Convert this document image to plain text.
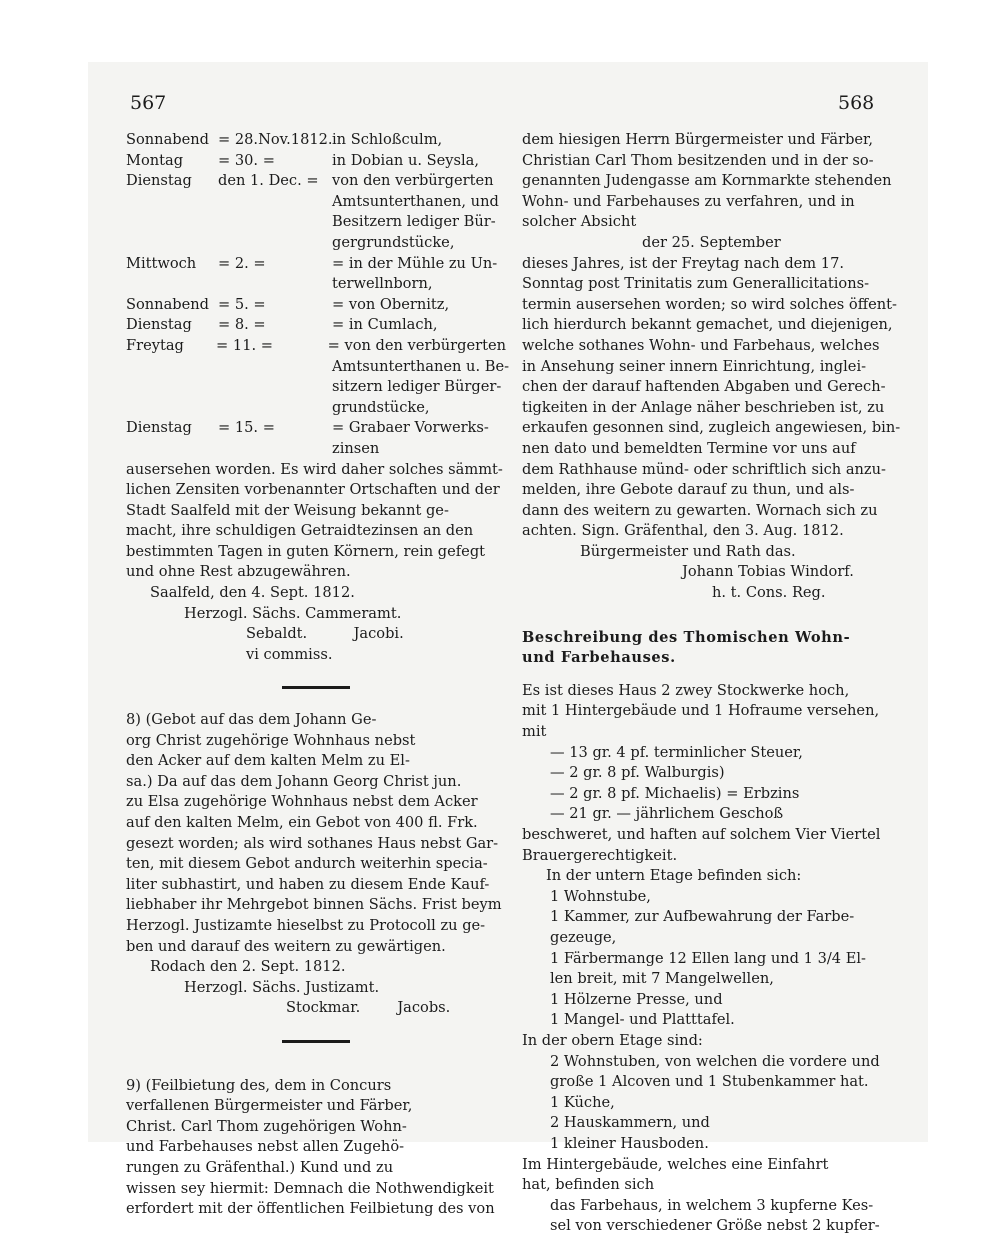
567	568
Sonnabend = 28.Nov.1812. in Schloßculm,
Montag	= 30. =	in Dobian u. Seysla,
Dienstag	den 1. Dec. = von den verbürgerten
Amtsunterthanen, und
Besitzern lediger Bür-
gergrundstücke,
Mittwoch	= 2. =	= in der Mühle zu Un-
terwellnborn,
Sonnabend = 5. =	= von Obernitz,
Dienstag	= 8. =	= in Cumlach,
Freytag	= 11. =	= von den verbürgerten
Amtsunterthanen u. Be-
sitzern lediger Bürger-
grundstücke,
Dienstag	= 15. =	= Grabaer Vorwerks-
zinsen
ausersehen worden. Es wird daher solches sämmt-
lichen Zensiten vorbenannter Ortschaften und der
Stadt Saalfeld mit der Weisung bekannt ge-
macht, ihre schuldigen Getraidtezinsen an den
bestimmten Tagen in guten Körnern, rein gefegt
und ohne Rest abzugewähren.
Saalfeld, den 4. Sept. 1812.
Herzogl. Sächs. Cammeramt.
Sebaldt.          Jacobi.
vi commiss.
8) (Gebot auf das dem Johann Ge-
org Christ zugehörige Wohnhaus nebst
den Acker auf dem kalten Melm zu El-
sa.) Da auf das dem Johann Georg Christ jun.
zu Elsa zugehörige Wohnhaus nebst dem Acker
auf den kalten Melm, ein Gebot von 400 fl. Frk.
gesezt worden; als wird sothanes Haus nebst Gar-
ten, mit diesem Gebot andurch weiterhin specia-
liter subhastirt, und haben zu diesem Ende Kauf-
liebhaber ihr Mehrgebot binnen Sächs. Frist beym
Herzogl. Justizamte hieselbst zu Protocoll zu ge-
ben und darauf des weitern zu gewärtigen.
Rodach den 2. Sept. 1812.
Herzogl. Sächs. Justizamt.
Stockmar.        Jacobs.
9) (Feilbietung des, dem in Concurs
verfallenen Bürgermeister und Färber,
Christ. Carl Thom zugehörigen Wohn-
und Farbehauses nebst allen Zugehö-
rungen zu Gräfenthal.) Kund und zu
wissen sey hiermit: Demnach die Nothwendigkeit
erfordert mit der öffentlichen Feilbietung des von
dem hiesigen Herrn Bürgermeister und Färber,
Christian Carl Thom besitzenden und in der so-
genannten Judengasse am Kornmarkte stehenden
Wohn- und Farbehauses zu verfahren, und in
solcher Absicht
der 25. September
dieses Jahres, ist der Freytag nach dem 17.
Sonntag post Trinitatis zum Generallicitations-
termin ausersehen worden; so wird solches öffent-
lich hierdurch bekannt gemachet, und diejenigen,
welche sothanes Wohn- und Farbehaus, welches
in Ansehung seiner innern Einrichtung, inglei-
chen der darauf haftenden Abgaben und Gerech-
tigkeiten in der Anlage näher beschrieben ist, zu
erkaufen gesonnen sind, zugleich angewiesen, bin-
nen dato und bemeldten Termine vor uns auf
dem Rathhause münd- oder schriftlich sich anzu-
melden, ihre Gebote darauf zu thun, und als-
dann des weitern zu gewarten. Wornach sich zu
achten. Sign. Gräfenthal, den 3. Aug. 1812.
Bürgermeister und Rath das.
Johann Tobias Windorf.
h. t. Cons. Reg.
Beschreibung des Thomischen Wohn-
und Farbehauses.
Es ist dieses Haus 2 zwey Stockwerke hoch,
mit 1 Hintergebäude und 1 Hofraume versehen,
mit
— 13 gr. 4 pf. terminlicher Steuer,
— 2 gr. 8 pf. Walburgis)
— 2 gr. 8 pf. Michaelis) = Erbzins
— 21 gr. — jährlichem Geschoß
beschweret, und haften auf solchem Vier Viertel
Brauergerechtigkeit.
In der untern Etage befinden sich:
1 Wohnstube,
1 Kammer, zur Aufbewahrung der Farbe-
gezeuge,
1 Färbermange 12 Ellen lang und 1 3/4 El-
len breit, mit 7 Mangelwellen,
1 Hölzerne Presse, und
1 Mangel- und Platttafel.
In der obern Etage sind:
2 Wohnstuben, von welchen die vordere und
große 1 Alcoven und 1 Stubenkammer hat.
1 Küche,
2 Hauskammern, und
1 kleiner Hausboden.
Im Hintergebäude, welches eine Einfahrt
hat, befinden sich
das Farbehaus, in welchem 3 kupferne Kes-
sel von verschiedener Größe nebst 2 kupfer-
